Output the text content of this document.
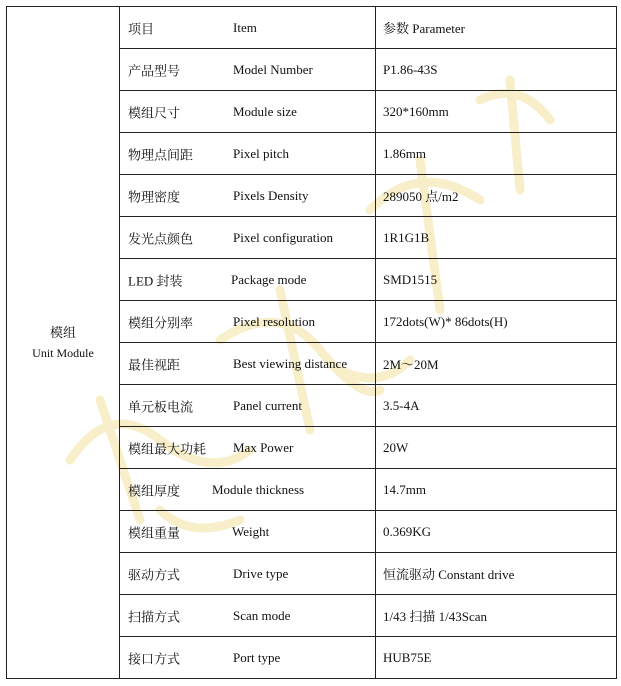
模组
Unit Module	项目 Item	参数 Parameter

	产品型号 Model Number	P1.86-43S

	模组尺寸 Module size	320*160mm

	物理点间距 Pixel pitch	1.86mm

	物理密度 Pixels Density	289050 点/m2

	发光点颜色 Pixel configuration	1R1G1B

	LED 封装 Package mode	SMD1515

	模组分别率 Pixel resolution	172dots(W)* 86dots(H)

	最佳视距 Best viewing distance	2M～20M

	单元板电流 Panel current	3.5-4A

	模组最大功耗 Max Power	20W

	模组厚度 Module thickness	14.7mm

	模组重量 Weight	0.369KG

	驱动方式 Drive type	恒流驱动 Constant drive

	扫描方式 Scan mode	1/43 扫描 1/43Scan

	接口方式 Port type	HUB75E
